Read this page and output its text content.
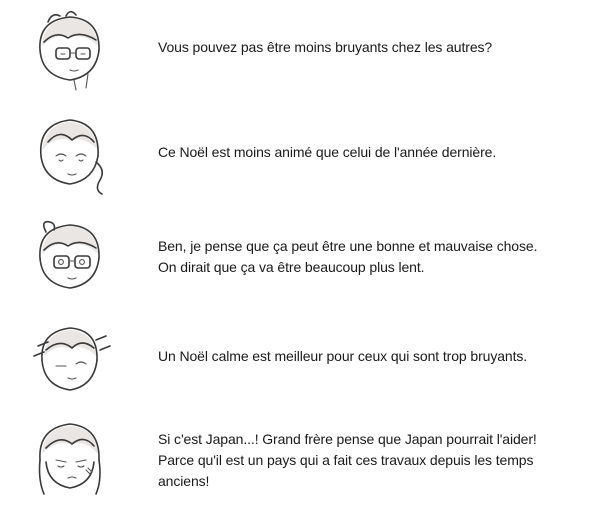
Vous pouvez pas être moins bruyants chez les autres?
Ce Noël est moins animé que celui de l'année dernière.
Ben, je pense que ça peut être une bonne et mauvaise chose.
On dirait que ça va être beaucoup plus lent.
Un Noël calme est meilleur pour ceux qui sont trop bruyants.
Si c'est Japan...! Grand frère pense que Japan pourrait l'aider!
Parce qu'il est un pays qui a fait ces travaux depuis les temps
anciens!
